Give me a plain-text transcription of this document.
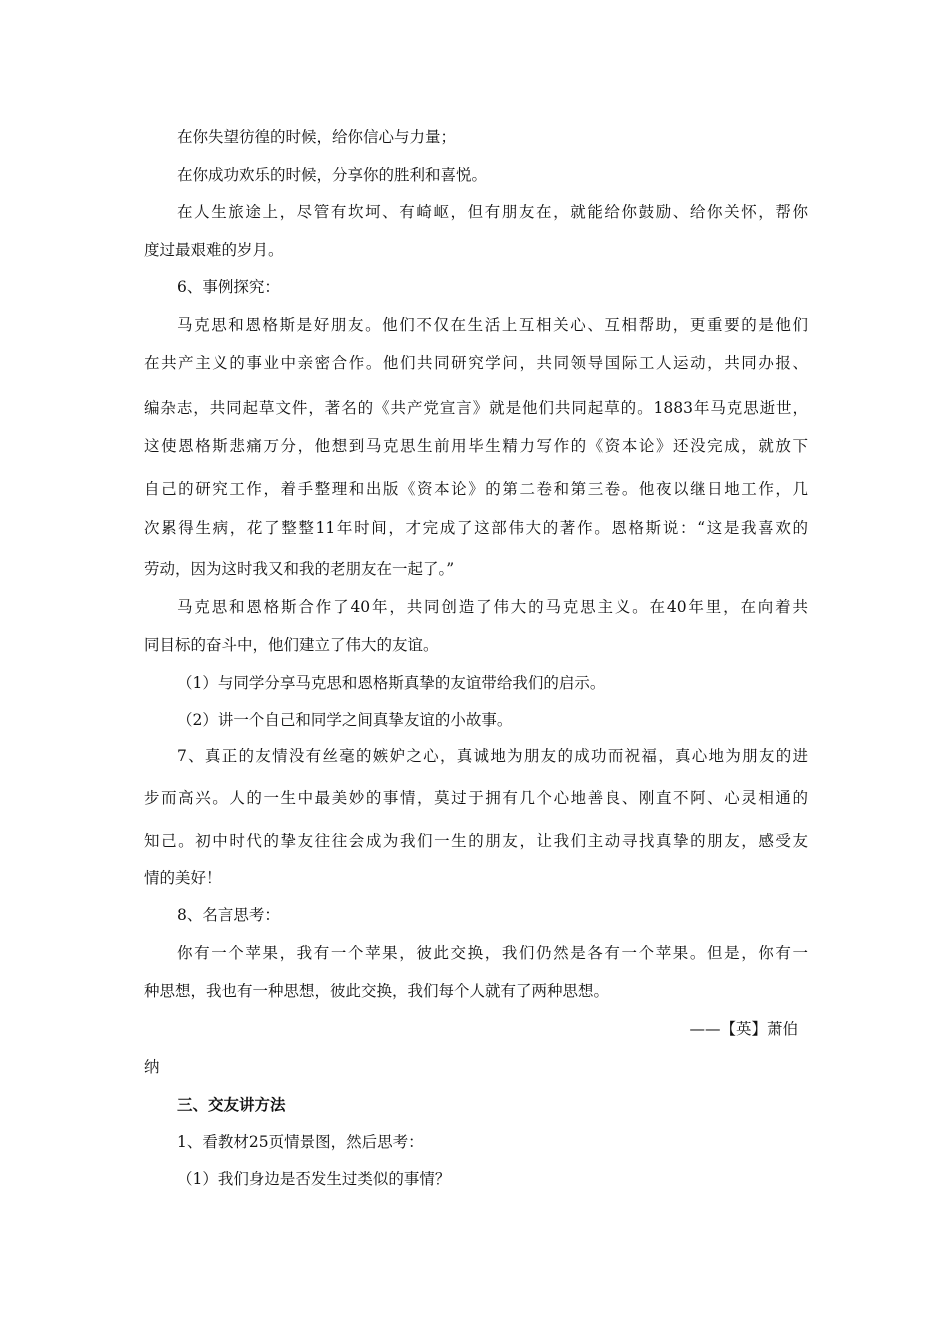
在你失望彷徨的时候，给你信心与力量；
在你成功欢乐的时候，分享你的胜利和喜悦。
在人生旅途上，尽管有坎坷、有崎岖，但有朋友在，就能给你鼓励、给你关怀，帮你
度过最艰难的岁月。
6、事例探究：
马克思和恩格斯是好朋友。他们不仅在生活上互相关心、互相帮助，更重要的是他们
在共产主义的事业中亲密合作。他们共同研究学问，共同领导国际工人运动，共同办报、
编杂志，共同起草文件，著名的《共产党宣言》就是他们共同起草的。1883年马克思逝世，
这使恩格斯悲痛万分，他想到马克思生前用毕生精力写作的《资本论》还没完成，就放下
自己的研究工作，着手整理和出版《资本论》的第二卷和第三卷。他夜以继日地工作，几
次累得生病，花了整整11年时间，才完成了这部伟大的著作。恩格斯说：“这是我喜欢的
劳动，因为这时我又和我的老朋友在一起了。”
马克思和恩格斯合作了40年，共同创造了伟大的马克思主义。在40年里，在向着共
同目标的奋斗中，他们建立了伟大的友谊。
（1）与同学分享马克思和恩格斯真挚的友谊带给我们的启示。
（2）讲一个自己和同学之间真挚友谊的小故事。
7、真正的友情没有丝毫的嫉妒之心，真诚地为朋友的成功而祝福，真心地为朋友的进
步而高兴。人的一生中最美妙的事情，莫过于拥有几个心地善良、刚直不阿、心灵相通的
知己。初中时代的挚友往往会成为我们一生的朋友，让我们主动寻找真挚的朋友，感受友
情的美好！
8、名言思考：
你有一个苹果，我有一个苹果，彼此交换，我们仍然是各有一个苹果。但是，你有一
种思想，我也有一种思想，彼此交换，我们每个人就有了两种思想。
——【英】萧伯
纳
三、交友讲方法
1、看教材25页情景图，然后思考：
（1）我们身边是否发生过类似的事情？
